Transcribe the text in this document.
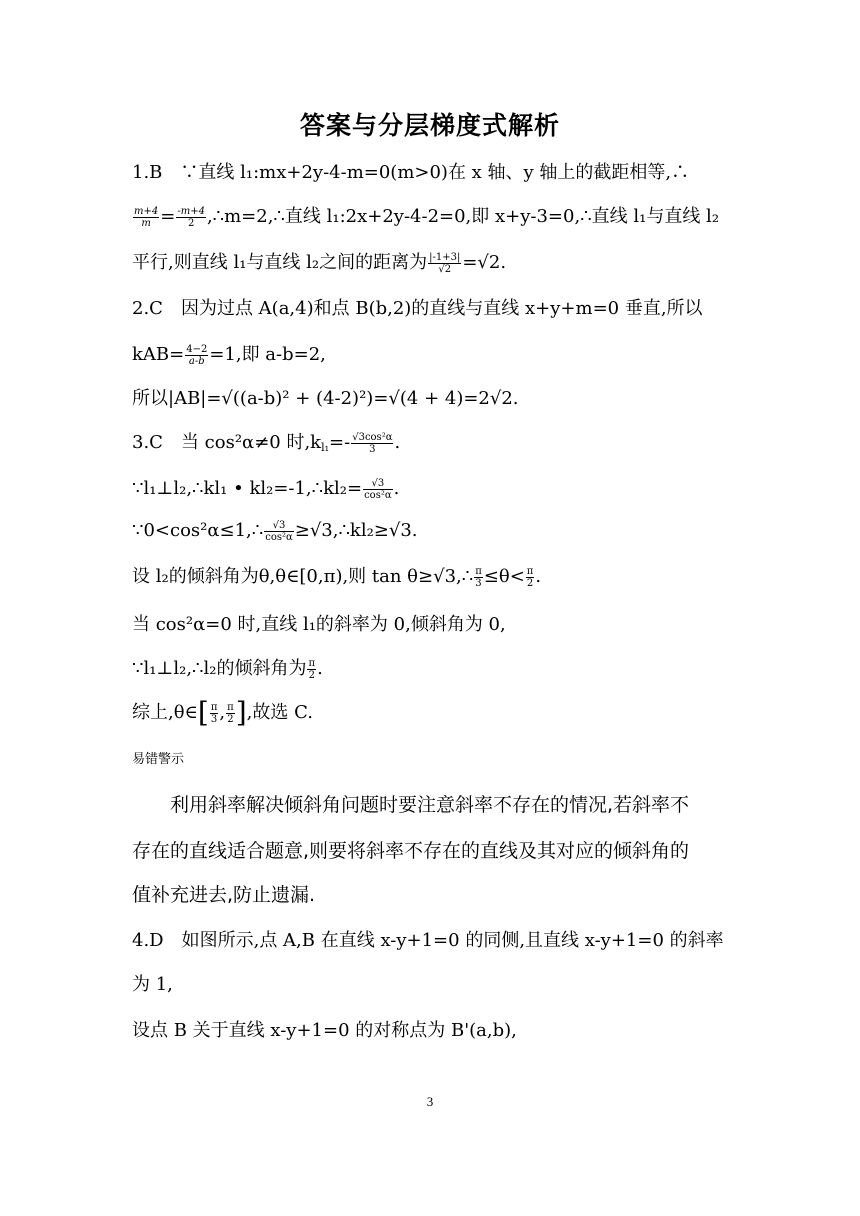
答案与分层梯度式解析
1.B　∵直线 l₁:mx+2y-4-m=0(m>0)在 x 轴、y 轴上的截距相等,∴
$\frac{m+4}{m} = \frac{-m+4}{2}$ ,∴m=2,∴直线 l₁:2x+2y-4-2=0,即 x+y-3=0,∴直线 l₁与直线 l₂
平行,则直线 l₁与直线 l₂之间的距离为 $\frac{|-1+3|}{√2} =√2$.
2.C　因为过点 A(a,4)和点 B(b,2)的直线与直线 x+y+m=0 垂直,所以
$kAB= \frac{4-2}{a-b} =1$,即 a-b=2,
所以|AB|=√((a-b)² + (4-2)²)=√(4 + 4)=2√2.
3.C　当 cos²α≠0 时$,k_{l_1}=- \frac{\text{√3cos²α}}{3}$ .
∵l₁⊥l₂,∴kl₁ • kl₂=-1,∴kl₂= $\frac{√3}{\text{cos²α}}$ .
∵0<cos²α≤1,∴ $\frac{√3}{\text{cos²α}}$ ≥√3,∴kl₂≥√3.
设 l₂的倾斜角为θ,θ∈[0,π),则 tan θ≥√3,∴ $\frac{\pi}{3} \le\theta< \frac{\pi}{2}$ .
当 cos²α=0 时,直线 l₁的斜率为 0,倾斜角为 0,
∵l₁⊥l₂,∴l₂的倾斜角为 $\frac{\pi}{2}$ .
综上,θ∈[ $\frac{\pi}{3}$ , $\frac{\pi}{2}$ ],故选 C.
易错警示
利用斜率解决倾斜角问题时要注意斜率不存在的情况,若斜率不
存在的直线适合题意,则要将斜率不存在的直线及其对应的倾斜角的
值补充进去,防止遗漏.
4.D　如图所示,点 A,B 在直线 x-y+1=0 的同侧,且直线 x-y+1=0 的斜率
为 1,
设点 B 关于直线 x-y+1=0 的对称点为 B'(a,b),
3
